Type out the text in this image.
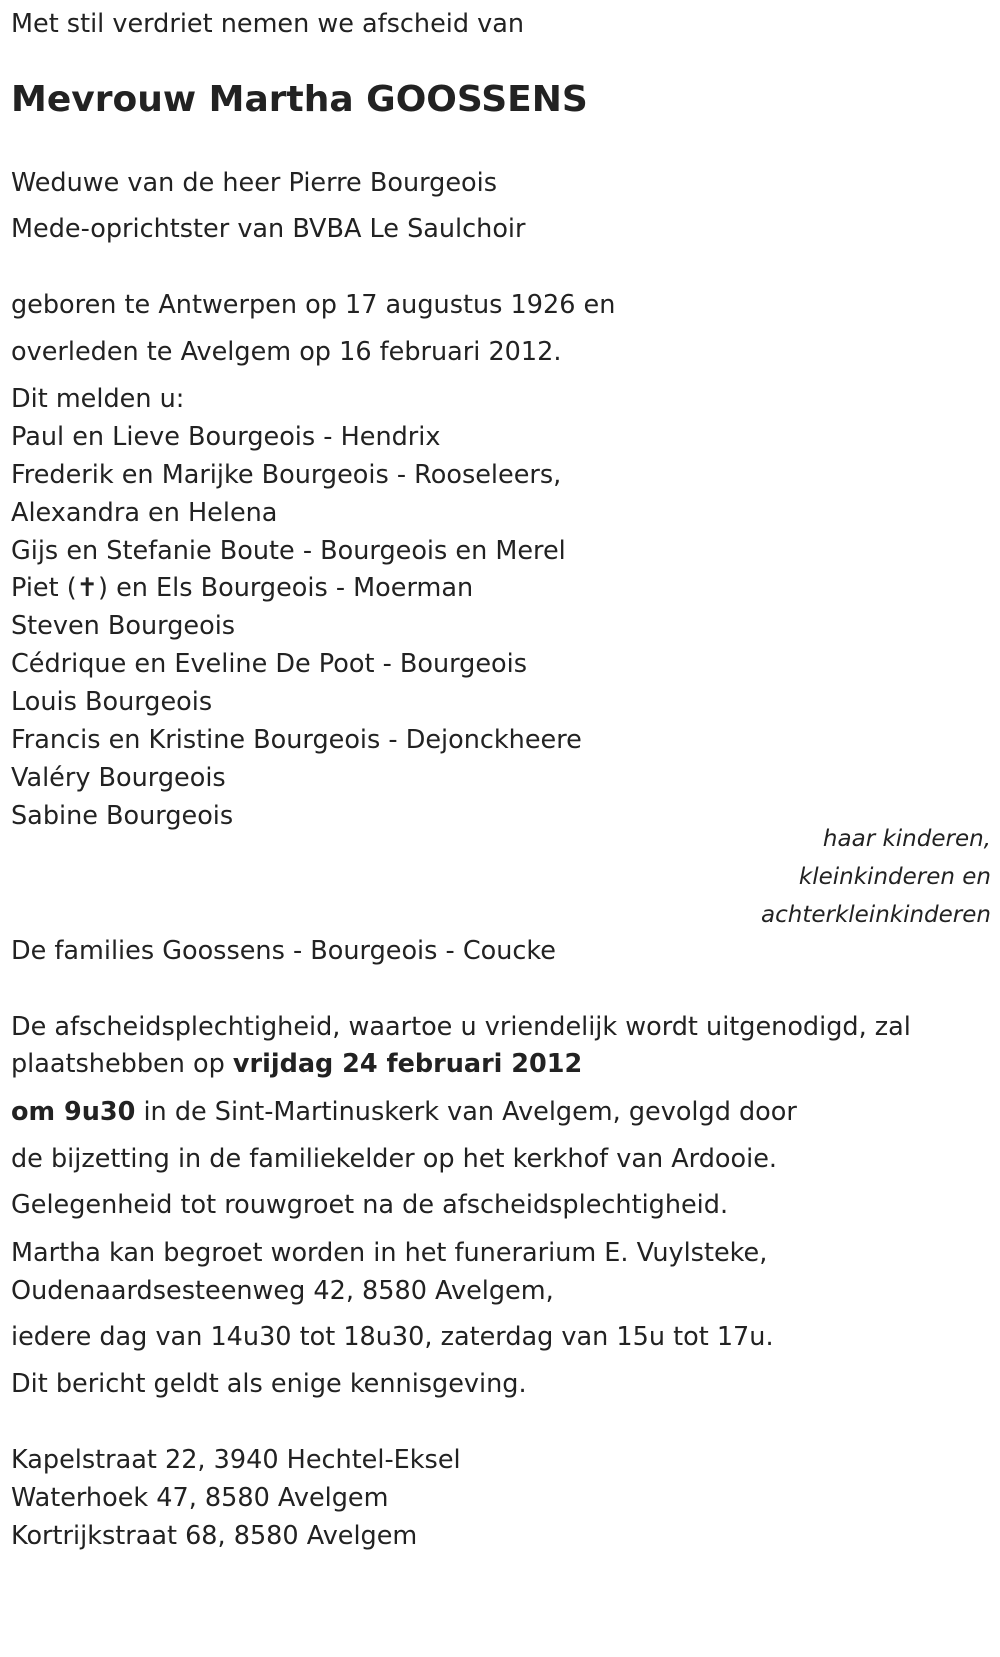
Met stil verdriet nemen we afscheid van
Mevrouw Martha GOOSSENS
Weduwe van de heer Pierre Bourgeois
Mede-oprichtster van BVBA Le Saulchoir
geboren te Antwerpen op 17 augustus 1926 en
overleden te Avelgem op 16 februari 2012.
Dit melden u:
Paul en Lieve Bourgeois - Hendrix
Frederik en Marijke Bourgeois - Rooseleers,
Alexandra en Helena
Gijs en Stefanie Boute - Bourgeois en Merel
Piet (✝) en Els Bourgeois - Moerman
Steven Bourgeois
Cédrique en Eveline De Poot - Bourgeois
Louis Bourgeois
Francis en Kristine Bourgeois - Dejonckheere
Valéry Bourgeois
Sabine Bourgeois
haar kinderen,
kleinkinderen en
achterkleinkinderen
De families Goossens - Bourgeois - Coucke
De afscheidsplechtigheid, waartoe u vriendelijk wordt uitgenodigd, zal
plaatshebben op vrijdag 24 februari 2012
om 9u30 in de Sint-Martinuskerk van Avelgem, gevolgd door
de bijzetting in de familiekelder op het kerkhof van Ardooie.
Gelegenheid tot rouwgroet na de afscheidsplechtigheid.
Martha kan begroet worden in het funerarium E. Vuylsteke,
Oudenaardsesteenweg 42, 8580 Avelgem,
iedere dag van 14u30 tot 18u30, zaterdag van 15u tot 17u.
Dit bericht geldt als enige kennisgeving.
Kapelstraat 22, 3940 Hechtel-Eksel
Waterhoek 47, 8580 Avelgem
Kortrijkstraat 68, 8580 Avelgem
